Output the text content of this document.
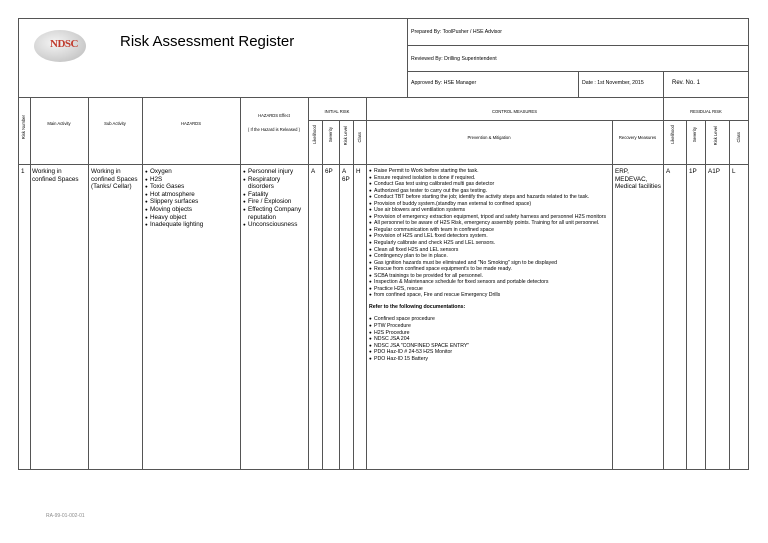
NDSC	Risk Assessment Register
Prepared By: ToolPusher / HSE Advisor
Reviewed By: Drilling Superintendent
Approved By: HSE Manager	Date : 1st November, 2015	Rev. No. 1
Risk Number	Main Activity	Sub Activity	HAZARDS
HAZARDS Effect
( If the Hazard is Released )
INITIAL RISK	CONTROL MEASURES	RESIDUAL RISK
Likelihood	Severity Risk Level Class	Prevention & Mitigation	Recovery Measures	Likelihood	Severity	Risk Level	Class
1 Working in confined Spaces
Working in confined Spaces (Tanks/ Cellar)
● Oxygen
● H2S
● Toxic Gases
● Hot atmosphere
● Slippery surfaces
● Moving objects
● Heavy object
● Inadequate lighting
● Personnel injury
● Respiratory disorders
● Fatality
● Fire / Explosion
● Effecting Company reputation
● Unconsciousness
A 6P A 6P
H
●	Raise Permit to Work before starting the task.
● Ensure required isolation is done if required.
● Conduct Gas test using calibrated multi gas detector
● Authorized gas tester to carry out the gas testing.
● Conduct TBT before starting the job; identify the activity steps and hazards related to the task.
● Provision of buddy system.(standby man external to confined space)
● Use air blowers and ventilation systems
● Provision of emergency extraction equipment, tripod and safety harness and personnel H2S monitors
● All personnel to be aware of H2S Risk, emergency assembly points. Training for all unit personnel.
● Regular communication with team in confined space
● Provision of H2S and LEL fixed detectors system.
● Regularly calibrate and check H2S and LEL sensors.
● Clean all fixed H2S and LEL sensors
● Contingency plan to be in place.
● Gas ignition hazards must be eliminated and "No Smoking" sign to be displayed
● Rescue from confined space equipment's to be made ready.
● SCBA trainings to be provided for all personnel.
● Inspection & Maintenance schedule for fixed sensors and portable detectors
● Practice H2S, rescue
● from confined space, Fire and rescue Emergency Drills
Refer to the following documentations:
● Confined space procedure
● PTW Procedure
● H2S Procedure
● NDSC JSA 204
● NDSC JSA "CONFINED SPACE ENTRY"
● PDO Haz-ID # 24-53 H2S Monitor
● PDO Haz-ID 15 Battery
ERP, MEDEVAC, Medical facilities
A	1P A1P L
RA-99-01-002-01
